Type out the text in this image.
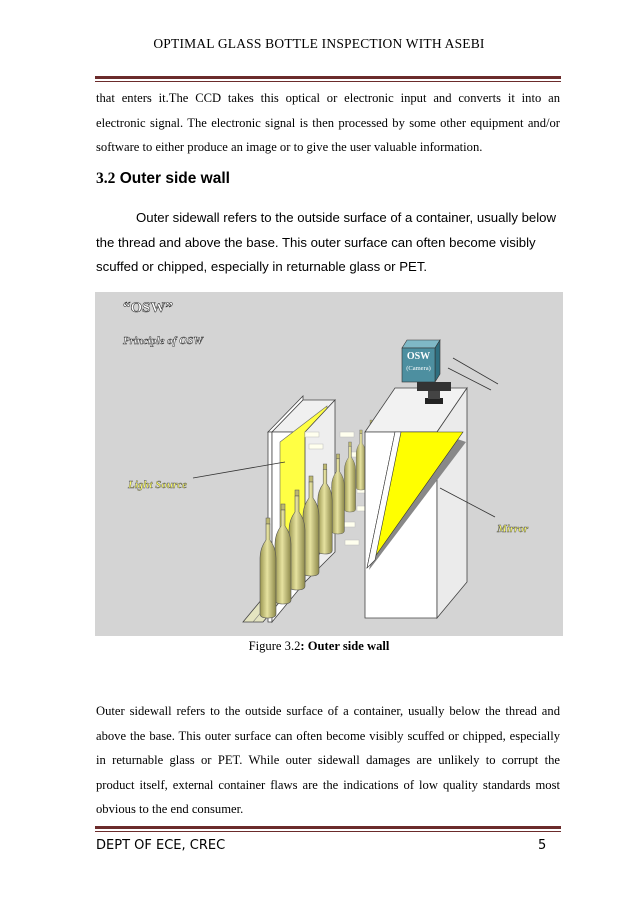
OPTIMAL GLASS BOTTLE INSPECTION WITH ASEBI
that enters it.The CCD takes this optical or electronic input and converts it into an electronic signal. The electronic signal is then processed by some other equipment and/or software to either produce an image or to give the user valuable information.
3.2 Outer side wall
Outer sidewall refers to the outside surface of a container, usually below the thread and above the base. This outer surface can often become visibly scuffed or chipped, especially in returnable glass or PET.
“OSW”
Principle of OSW
OSW
(Camera)
Light Source
Mirror
Figure 3.2: Outer side wall
Outer sidewall refers to the outside surface of a container, usually below the thread and above the base. This outer surface can often become visibly scuffed or chipped, especially in returnable glass or PET. While outer sidewall damages are unlikely to corrupt the product itself, external container flaws are the indications of low quality standards most obvious to the end consumer.
DEPT OF ECE, CREC	5
